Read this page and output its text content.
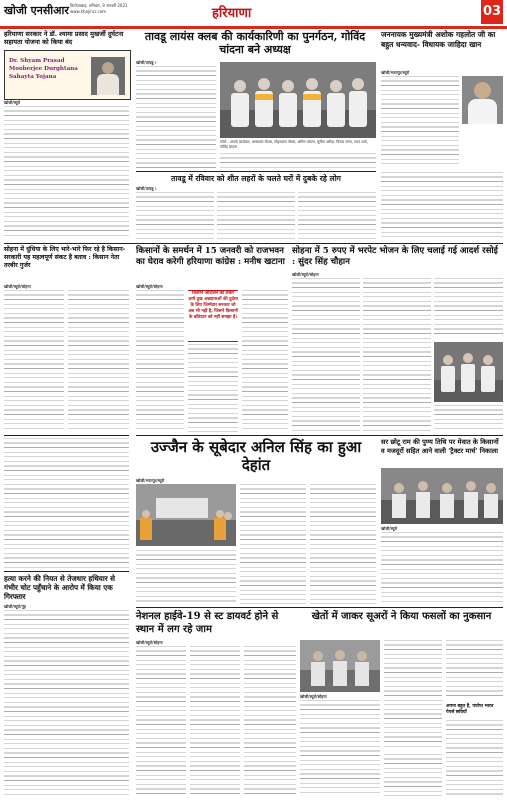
खोजी एनसीआर फ़िरोज़ाबाद, शनिवार, 9 जनवरी 2021
www.khojincr.com	हरियाणा	03
हरियाणा सरकार ने डॉ. श्यामा प्रसाद मुखर्जी दुर्घटना सहायता योजना को किया बंद
Dr. Shyam Prasad Mooberjee Durghtana Sahayta Yojana
खोजी/ब्यूरो
तावडू लायंस क्लब की कार्यकारिणी का पुनर्गठन, गोविंद चांदना बने अध्यक्ष
खोजी/तावडू ।
फोटो : अपनेा कार्यक्रम, अमरदास गोयल, मोहनदास गोयल, अनिल चांदना, सुनील अरोड़ा, विजय जग्गा, पवन शर्मा, गोविंद चांदना
तावडू में रविवार को शीत लहरों के चलते घरों में दुबके रहे लोग
खोजी/तावडू ।
जननायक मुख्यमंत्री अशोक गहलोत जी का बहुत धन्यवाद- विधायक जाहिदा खान
खोजी/भरतपुर/ब्यूरो
सोहना में धुंधिया के लिए भारे-भारे फिर रहे है किसान-सरकारी यह महत्वपूर्ण संकट है बताव : किसान नेता तरबीर गुर्जर
खोजी/ब्यूरो/सोहना
किसानों के समर्थन में 15 जनवरी को राजभवन का घेराव करेगी हरियाणा कांग्रेस : मनीष खटाना
खोजी/ब्यूरो/सोहना
किसान आंदोलन को लेकर आये दुख अन्नदाताओं की दुर्दशा के लिए जिम्मेदार सरकार जो अब भी नहीं है, जिसने किसानों के बलिदान को नहीं समझा है।
सोहना में 5 रुपए में भरपेट भोजन के लिए चलाई गई आदर्श रसोई : सुंदर सिंह चौहान
खोजी/ब्यूरो/सोहना
उज्जैन के सूबेदार अनिल सिंह का हुआ देहांत
खोजी/भरतपुर/ब्यूरो
सर छोटू राम की पुण्य तिथि पर मेवात के किसानों व मजदूरों सहित आने वाली 'ट्रैक्टर मार्च' निकाला
खोजी/ब्यूरो
हत्या करने की नियत से तेजधार हथियार से गंभीर चोट पहुँचाने के आरोप में किया एक गिरफ्तार
खोजी/ब्यूरो/नूंह
नेशनल हाईवे-19 से स्ट डायवर्ट होने से स्थान में लग रहे जाम
खोजी/ब्यूरो/सोहना
खेतों में जाकर सूअरों ने किया फसलों का नुकसान
खोजी/ब्यूरो/सोहना
अपना बहुत है, पर्याप्त भारत पेपर्स छवियाँ
